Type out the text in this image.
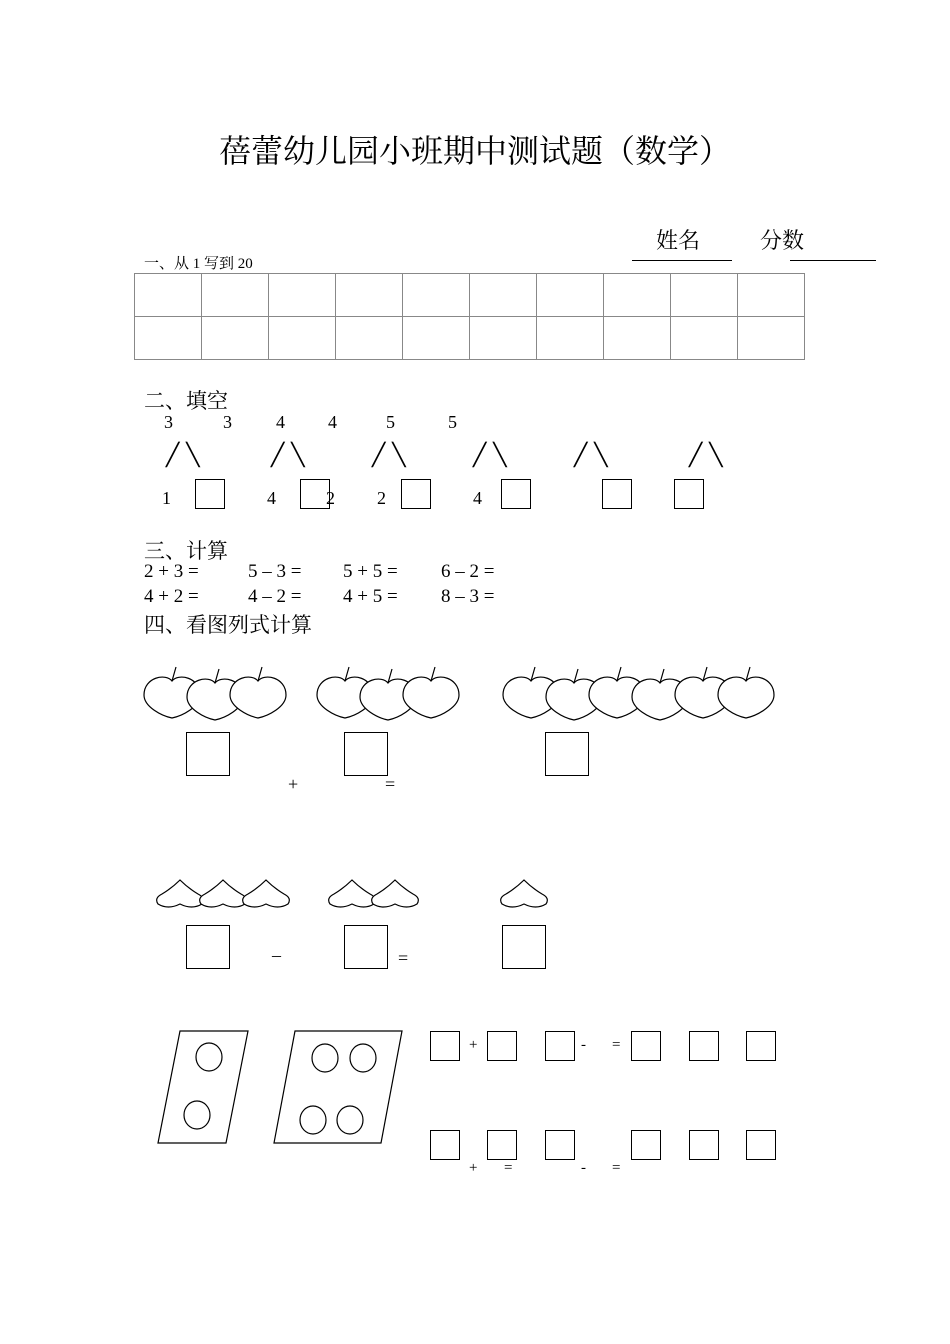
蓓蕾幼儿园小班期中测试题（数学）
姓名	分数
一、从 1 写到 20

二、填空
3	3 4 4	5	5
╱ ╲	╱ ╲	╱ ╲	╱ ╲	╱ ╲	╱ ╲
1	4	2 2	4
三、计算
2 + 3 =	5 – 3 = 5 + 5 = 6 – 2 =
4 + 2 =	4 – 2 = 4 + 5 = 8 – 3 =
四、看图列式计算
+	=
–	=
+	- =
+ =	- =
